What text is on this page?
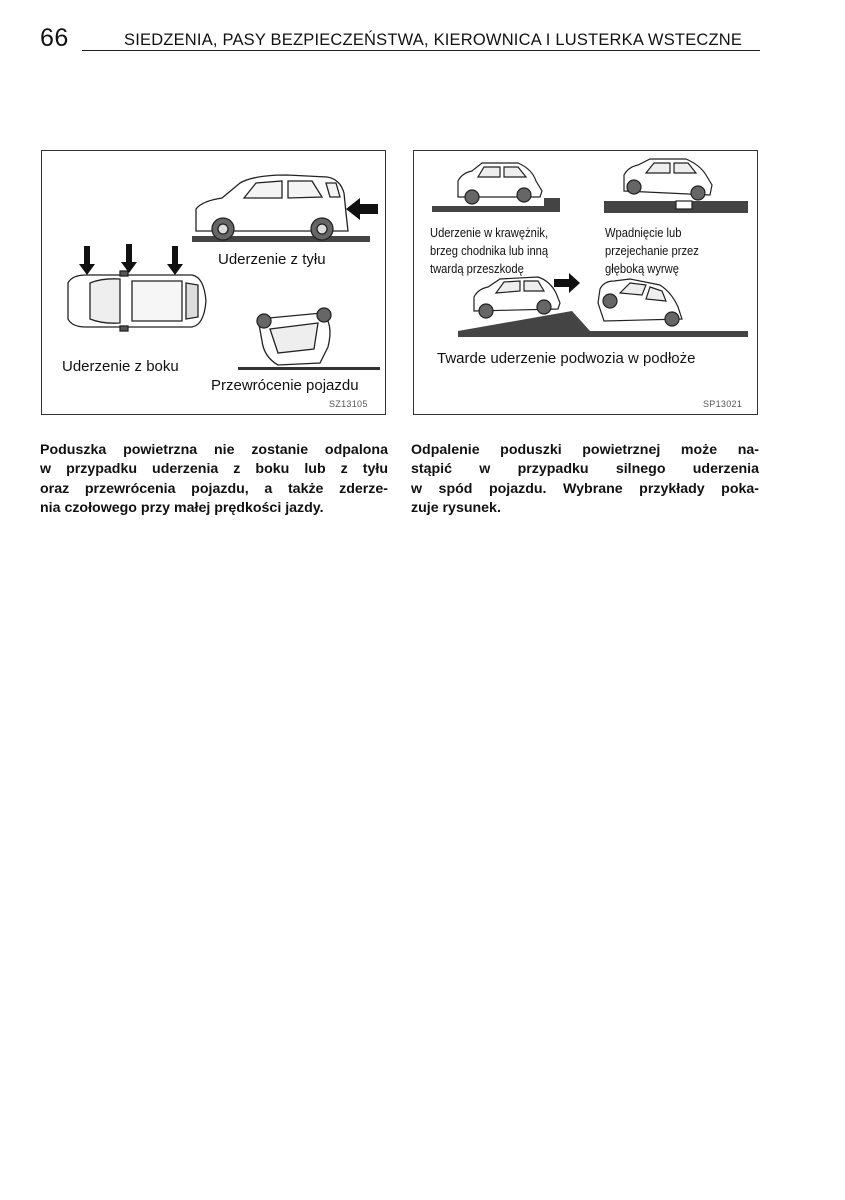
66	SIEDZENIA, PASY BEZPIECZEŃSTWA, KIEROWNICA I LUSTERKA WSTECZNE
Uderzenie z tyłu
Uderzenie z boku
Przewrócenie pojazdu
SZ13105
Uderzenie w krawężnik,
brzeg chodnika lub inną
twardą przeszkodę
Wpadnięcie lub
przejechanie przez
głęboką wyrwę
Twarde uderzenie podwozia w podłoże
SP13021
Poduszka powietrzna nie zostanie odpalona
w przypadku uderzenia z boku lub z tyłu
oraz przewrócenia pojazdu, a także zderze-
nia czołowego przy małej prędkości jazdy.
Odpalenie poduszki powietrznej może na-
stąpić w przypadku silnego uderzenia
w spód pojazdu. Wybrane przykłady poka-
zuje rysunek.
